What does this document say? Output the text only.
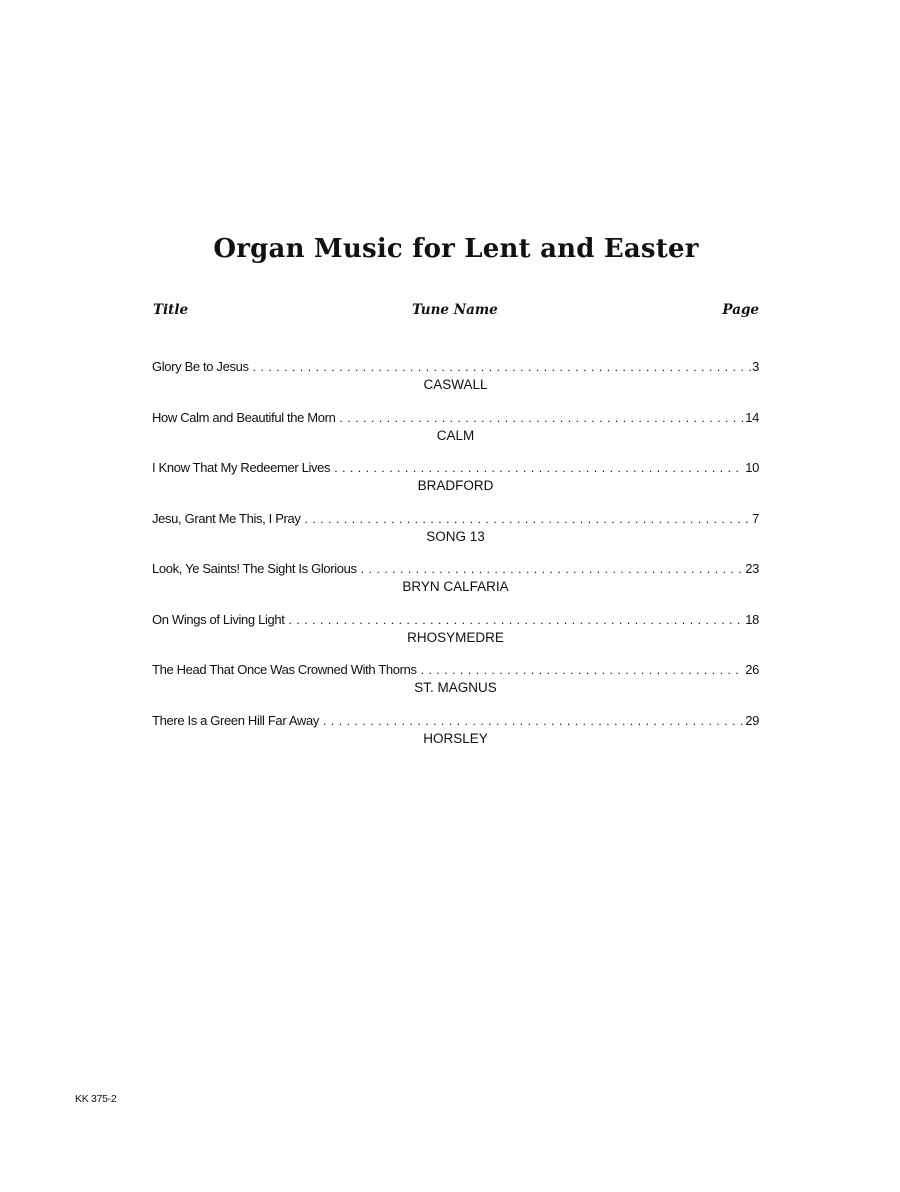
Organ Music for Lent and Easter
Title	Tune Name	Page
Glory Be to Jesus . . .	3
CASWALL
How Calm and Beautiful the Morn . . .	14
CALM
I Know That My Redeemer Lives . . .	10
BRADFORD
Jesu, Grant Me This, I Pray . . .	7
SONG 13
Look, Ye Saints! The Sight Is Glorious . . .	23
BRYN CALFARIA
On Wings of Living Light . . .	18
RHOSYMEDRE
The Head That Once Was Crowned With Thorns . . .	26
ST. MAGNUS
There Is a Green Hill Far Away . . .	29
HORSLEY
KK 375-2
